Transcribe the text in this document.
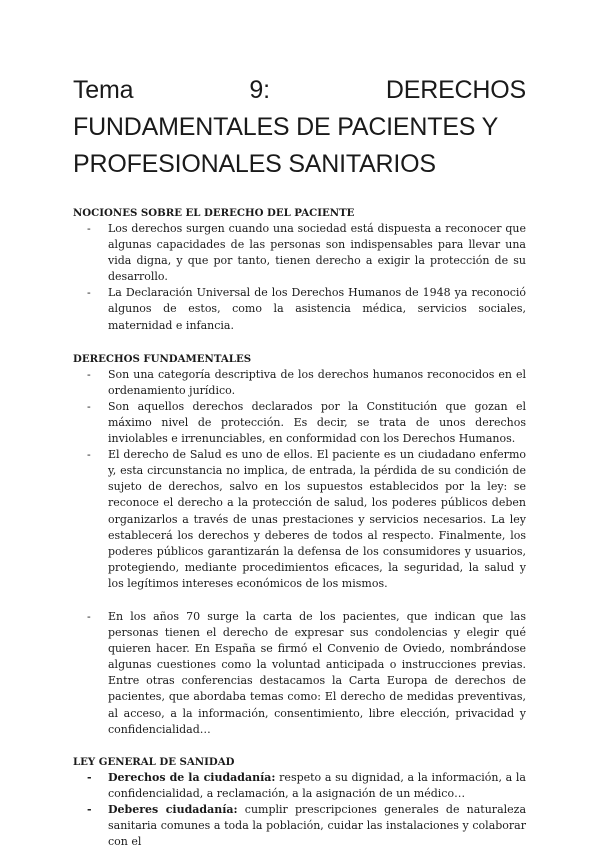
Tema	9:	DERECHOS
FUNDAMENTALES DE PACIENTES Y
PROFESIONALES SANITARIOS

NOCIONES SOBRE EL DERECHO DEL PACIENTE

- Los derechos surgen cuando una sociedad está dispuesta a reconocer que algunas capacidades de las personas son indispensables para llevar una vida digna, y que por tanto, tienen derecho a exigir la protección de su desarrollo.
- La Declaración Universal de los Derechos Humanos de 1948 ya reconoció algunos de estos, como la asistencia médica, servicios sociales, maternidad e infancia.

DERECHOS FUNDAMENTALES

- Son una categoría descriptiva de los derechos humanos reconocidos en el ordenamiento jurídico.
- Son aquellos derechos declarados por la Constitución que gozan el máximo nivel de protección. Es decir, se trata de unos derechos inviolables e irrenunciables, en conformidad con los Derechos Humanos.
- El derecho de Salud es uno de ellos. El paciente es un ciudadano enfermo y, esta circunstancia no implica, de entrada, la pérdida de su condición de sujeto de derechos, salvo en los supuestos establecidos por la ley: se reconoce el derecho a la protección de salud, los poderes públicos deben organizarlos a través de unas prestaciones y servicios necesarios. La ley establecerá los derechos y deberes de todos al respecto. Finalmente, los poderes públicos garantizarán la defensa de los consumidores y usuarios, protegiendo, mediante procedimientos eficaces, la seguridad, la salud y los legítimos intereses económicos de los mismos.
- En los años 70 surge la carta de los pacientes, que indican que las personas tienen el derecho de expresar sus condolencias y elegir qué quieren hacer. En España se firmó el Convenio de Oviedo, nombrándose algunas cuestiones como la voluntad anticipada o instrucciones previas. Entre otras conferencias destacamos la Carta Europa de derechos de pacientes, que abordaba temas como: El derecho de medidas preventivas, al acceso, a la información, consentimiento, libre elección, privacidad y confidencialidad…

LEY GENERAL DE SANIDAD

- Derechos de la ciudadanía: respeto a su dignidad, a la información, a la confidencialidad, a reclamación, a la asignación de un médico…
- Deberes ciudadanía: cumplir prescripciones generales de naturaleza sanitaria comunes a toda la población, cuidar las instalaciones y colaborar con el
